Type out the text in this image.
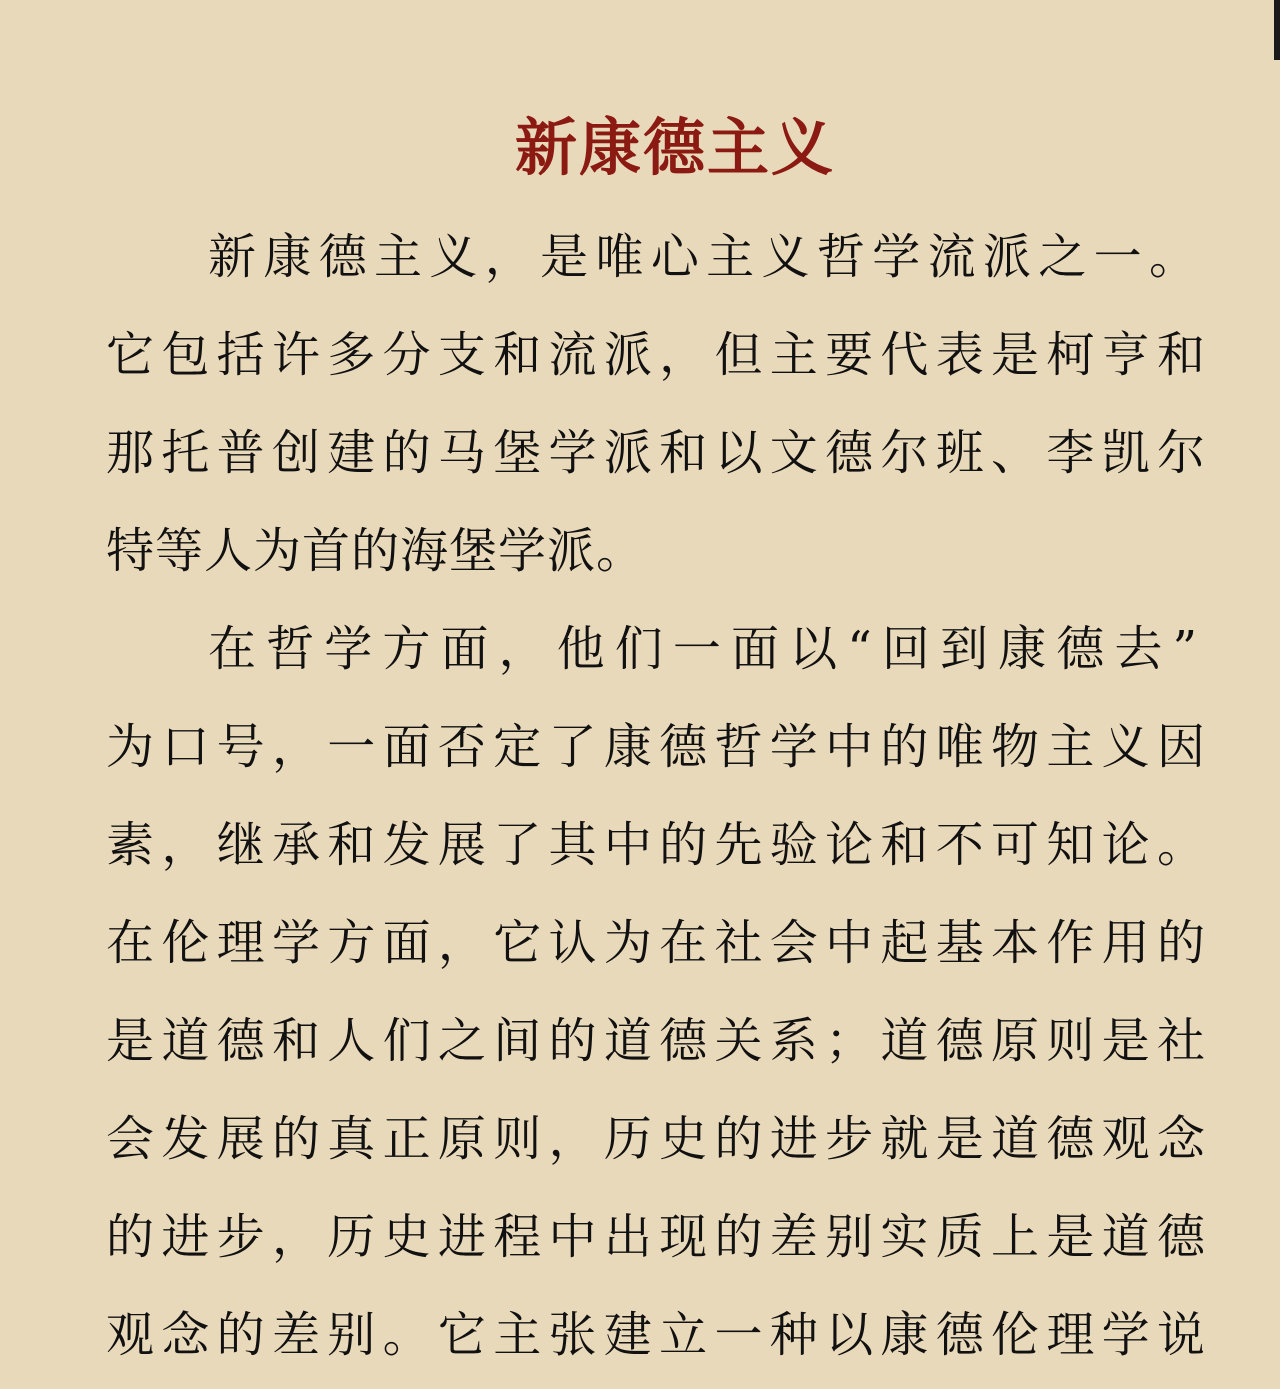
新康德主义
新康德主义，是唯心主义哲学流派之一。
它包括许多分支和流派，但主要代表是柯亨和
那托普创建的马堡学派和以文德尔班、李凯尔
特等人为首的海堡学派。
在哲学方面，他们一面以“回到康德去”
为口号，一面否定了康德哲学中的唯物主义因
素，继承和发展了其中的先验论和不可知论。
在伦理学方面，它认为在社会中起基本作用的
是道德和人们之间的道德关系；道德原则是社
会发展的真正原则，历史的进步就是道德观念
的进步，历史进程中出现的差别实质上是道德
观念的差别。它主张建立一种以康德伦理学说
